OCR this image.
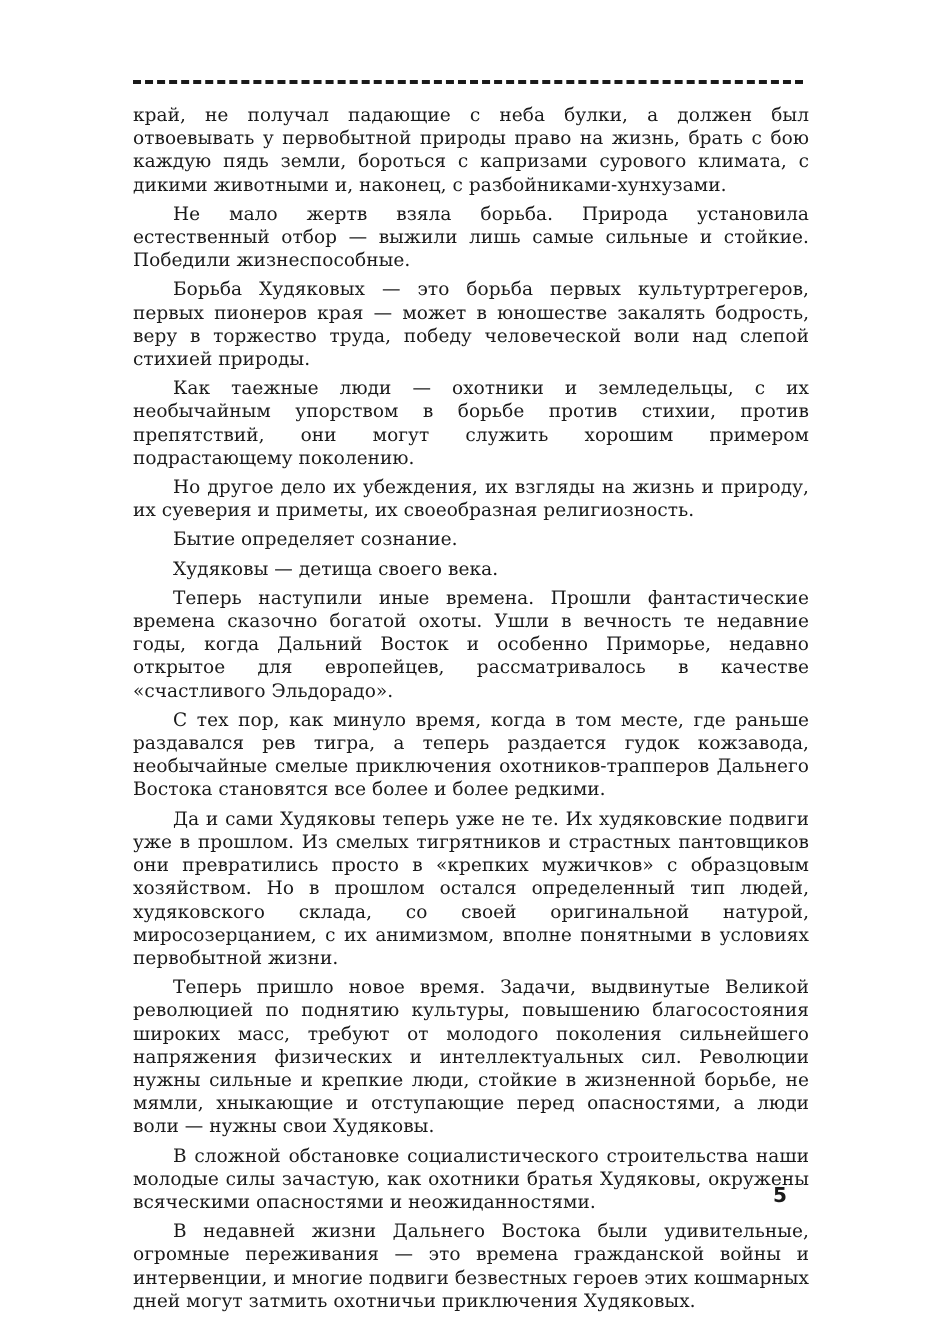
край, не получал падающие с неба булки, а должен был отвоевывать у первобытной природы право на жизнь, брать с бою каждую пядь земли, бороться с капризами сурового климата, с дикими животными и, наконец, с разбойниками-хунхузами.

Не мало жертв взяла борьба. Природа установила естественный отбор — выжили лишь самые сильные и стойкие. Победили жизнеспособные.

Борьба Худяковых — это борьба первых культуртрегеров, первых пионеров края — может в юношестве закалять бодрость, веру в торжество труда, победу человеческой воли над слепой стихией природы.

Как таежные люди — охотники и земледельцы, с их необычайным упорством в борьбе против стихии, против препятствий, они могут служить хорошим примером подрастающему поколению.

Но другое дело их убеждения, их взгляды на жизнь и природу, их суеверия и приметы, их своеобразная религиозность.

Бытие определяет сознание.

Худяковы — детища своего века.

Теперь наступили иные времена. Прошли фантастические времена сказочно богатой охоты. Ушли в вечность те недавние годы, когда Дальний Восток и особенно Приморье, недавно открытое для европейцев, рассматривалось в качестве «счастливого Эльдорадо».

С тех пор, как минуло время, когда в том месте, где раньше раздавался рев тигра, а теперь раздается гудок кожзавода, необычайные смелые приключения охотников-трапперов Дальнего Востока становятся все более и более редкими.

Да и сами Худяковы теперь уже не те. Их худяковские подвиги уже в прошлом. Из смелых тигрятников и страстных пантовщиков они превратились просто в «крепких мужичков» с образцовым хозяйством. Но в прошлом остался определенный тип людей, худяковского склада, со своей оригинальной натурой, миросозерцанием, с их анимизмом, вполне понятными в условиях первобытной жизни.

Теперь пришло новое время. Задачи, выдвинутые Великой революцией по поднятию культуры, повышению благосостояния широких масс, требуют от молодого поколения сильнейшего напряжения физических и интеллектуальных сил. Революции нужны сильные и крепкие люди, стойкие в жизненной борьбе, не мямли, хныкающие и отступающие перед опасностями, а люди воли — нужны свои Худяковы.

В сложной обстановке социалистического строительства наши молодые силы зачастую, как охотники братья Худяковы, окружены всяческими опасностями и неожиданностями.

В недавней жизни Дальнего Востока были удивительные, огромные переживания — это времена гражданской войны и интервенции, и многие подвиги безвестных героев этих кошмарных дней могут затмить охотничьи приключения Худяковых.

5
